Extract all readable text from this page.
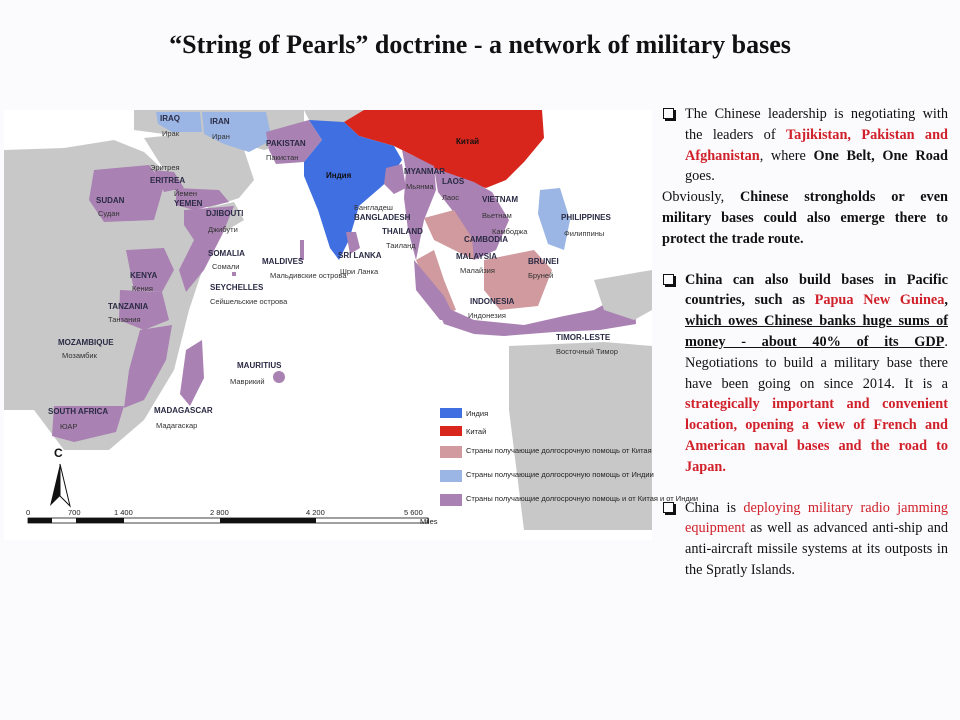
“String of Pearls” doctrine - a network of military bases
IRAQ
Ирак
IRAN
Иран
PAKISTAN
Пакистан
Китай
Индия
Эритрея
ERITREA
Йемен
YEMEN
SUDAN
Судан	DJIBOUTI
Джибути
SOMALIA
Сомали
KENYA
Кения
TANZANIA
Танзания
MOZAMBIQUE
Мозамбик
SOUTH AFRICA
ЮАР
MADAGASCAR
Мадагаскар
MAURITIUS
Маврикий
SEYCHELLES
Сейшельские острова
MALDIVES
Мальдивские острова
SRI LANKA
Шри Ланка
Бангладеш
BANGLADESH
MYANMAR
Мьянма
LAOS
Лаос	VIETNAM
Вьетнам
THAILAND
Таиланд
Камбоджа
CAMBODIA
PHILIPPINES
Филиппины
MALAYSIA
Малайзия
BRUNEI
Бруней
INDONESIA
Индонезия
TIMOR-LESTE
Восточный Тимор
Индия
Китай
Страны получающие долгосрочную помощь от Китая
Страны получающие долгосрочную помощь от Индии
Страны получающие долгосрочную помощь и от Китая и от Индии
С
0	700	1 400	2 800	4 200	5 600
Miles
The Chinese leadership is negotiating with the leaders of Tajikistan, Pakistan and Afghanistan, where One Belt, One Road goes.
Obviously, Chinese strongholds or even military bases could also emerge there to protect the trade route.
China can also build bases in Pacific countries, such as Papua New Guinea, which owes Chinese banks huge sums of money - about 40% of its GDP. Negotiations to build a military base there have been going on since 2014. It is a strategically important and convenient location, opening a view of French and American naval bases and the road to Japan.
China is deploying military radio jamming equipment as well as advanced anti-ship and anti-aircraft missile systems at its outposts in the Spratly Islands.
